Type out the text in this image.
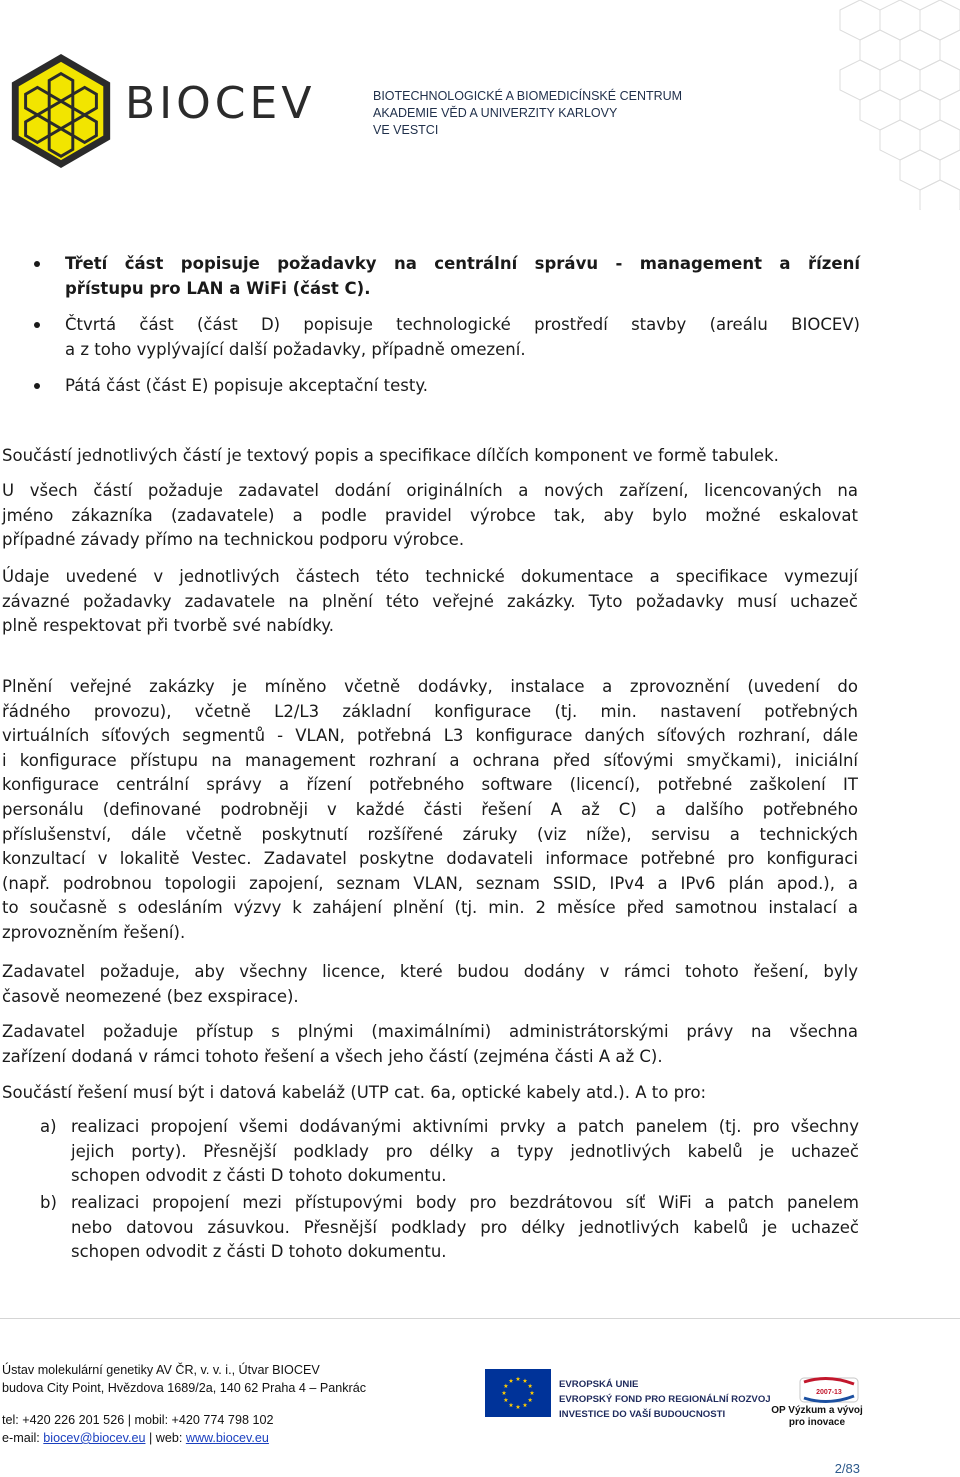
BIOCEV	BIOTECHNOLOGICKÉ A BIOMEDICÍNSKÉ CENTRUM
AKADEMIE VĚD A UNIVERZITY KARLOVY
VE VESTCI
Třetí část popisuje požadavky na centrální správu - management a řízení
přístupu pro LAN a WiFi (část C).
Čtvrtá část (část D) popisuje technologické prostředí stavby (areálu BIOCEV)
a z toho vyplývající další požadavky, případně omezení.
Pátá část (část E) popisuje akceptační testy.
Součástí jednotlivých částí je textový popis a specifikace dílčích komponent ve formě tabulek.
U všech částí požaduje zadavatel dodání originálních a nových zařízení, licencovaných na
jméno zákazníka (zadavatele) a podle pravidel výrobce tak, aby bylo možné eskalovat
případné závady přímo na technickou podporu výrobce.
Údaje uvedené v jednotlivých částech této technické dokumentace a specifikace vymezují
závazné požadavky zadavatele na plnění této veřejné zakázky. Tyto požadavky musí uchazeč
plně respektovat při tvorbě své nabídky.
Plnění veřejné zakázky je míněno včetně dodávky, instalace a zprovoznění (uvedení do
řádného provozu), včetně L2/L3 základní konfigurace (tj. min. nastavení potřebných
virtuálních síťových segmentů - VLAN, potřebná L3 konfigurace daných síťových rozhraní, dále
i konfigurace přístupu na management rozhraní a ochrana před síťovými smyčkami), iniciální
konfigurace centrální správy a řízení potřebného software (licencí), potřebné zaškolení IT
personálu (definované podrobněji v každé části řešení A až C) a dalšího potřebného
příslušenství, dále včetně poskytnutí rozšířené záruky (viz níže), servisu a technických
konzultací v lokalitě Vestec. Zadavatel poskytne dodavateli informace potřebné pro konfiguraci
(např. podrobnou topologii zapojení, seznam VLAN, seznam SSID, IPv4 a IPv6 plán apod.), a
to současně s odesláním výzvy k zahájení plnění (tj. min. 2 měsíce před samotnou instalací a
zprovozněním řešení).
Zadavatel požaduje, aby všechny licence, které budou dodány v rámci tohoto řešení, byly
časově neomezené (bez exspirace).
Zadavatel požaduje přístup s plnými (maximálními) administrátorskými právy na všechna
zařízení dodaná v rámci tohoto řešení a všech jeho částí (zejména části A až C).
Součástí řešení musí být i datová kabeláž (UTP cat. 6a, optické kabely atd.). A to pro:
a) realizaci propojení všemi dodávanými aktivními prvky a patch panelem (tj. pro všechny
jejich porty). Přesnější podklady pro délky a typy jednotlivých kabelů je uchazeč
schopen odvodit z části D tohoto dokumentu.
b) realizaci propojení mezi přístupovými body pro bezdrátovou síť WiFi a patch panelem
nebo datovou zásuvkou. Přesnější podklady pro délky jednotlivých kabelů je uchazeč
schopen odvodit z části D tohoto dokumentu.
Ústav molekulární genetiky AV ČR, v. v. i., Útvar BIOCEV
budova City Point, Hvězdova 1689/2a, 140 62 Praha 4 – Pankrác
tel: +420 226 201 526 | mobil: +420 774 798 102
e-mail: biocev@biocev.eu | web: www.biocev.eu
EVROPSKÁ UNIE
EVROPSKÝ FOND PRO REGIONÁLNÍ ROZVOJ
INVESTICE DO VAŠÍ BUDOUCNOSTI
2007-13
OP Výzkum a vývoj pro inovace
2/83
